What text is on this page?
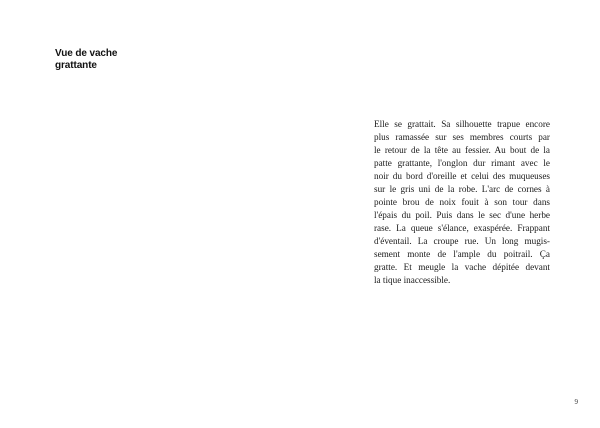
Vue de vache
grattante
Elle se grattait. Sa silhouette trapue encore
plus ramassée sur ses membres courts par
le retour de la tête au fessier. Au bout de la
patte grattante, l'onglon dur rimant avec le
noir du bord d'oreille et celui des muqueuses
sur le gris uni de la robe. L'arc de cornes à
pointe brou de noix fouit à son tour dans
l'épais du poil. Puis dans le sec d'une herbe
rase. La queue s'élance, exaspérée. Frappant
d'éventail. La croupe rue. Un long mugis-
sement monte de l'ample du poitrail. Ça
gratte. Et meugle la vache dépitée devant
la tique inaccessible.
9
